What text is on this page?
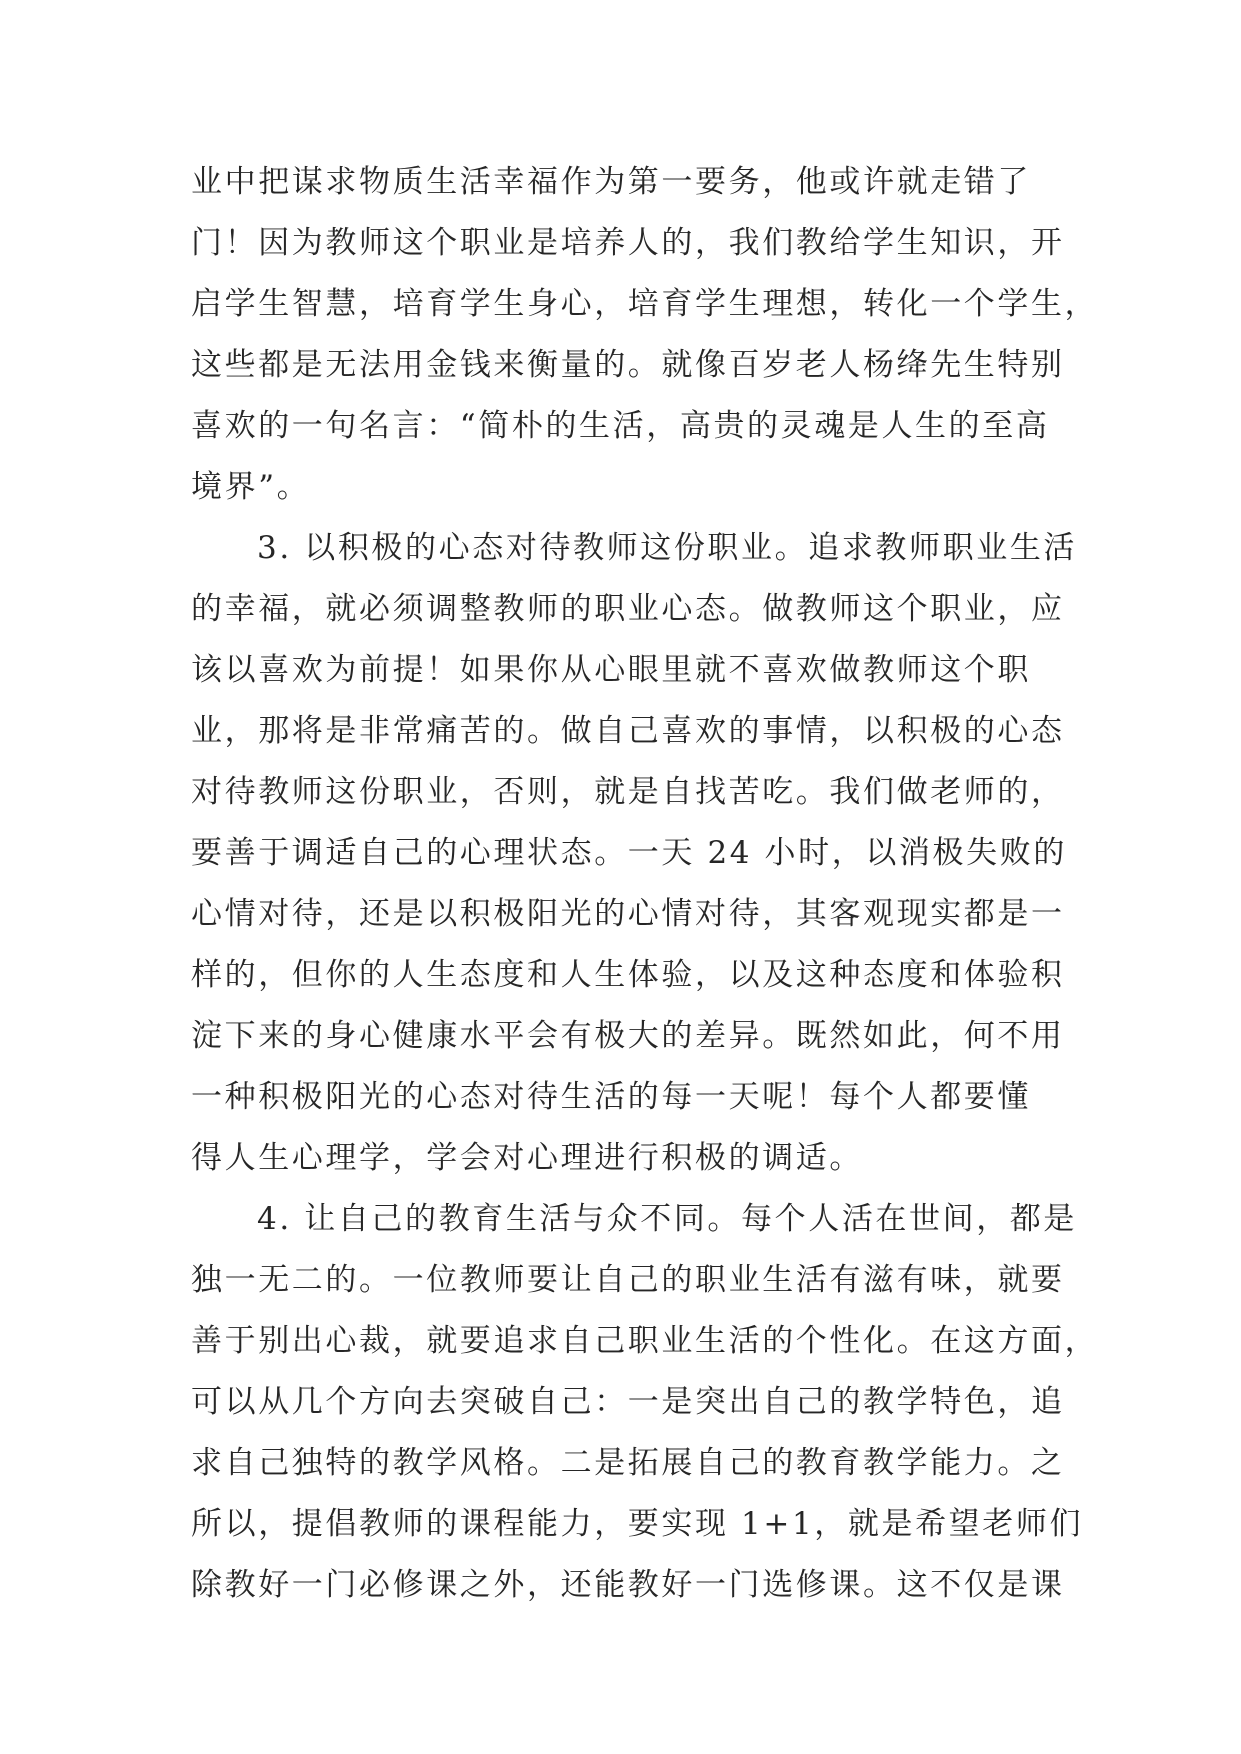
业中把谋求物质生活幸福作为第一要务，他或许就走错了
门！因为教师这个职业是培养人的，我们教给学生知识，开
启学生智慧，培育学生身心，培育学生理想，转化一个学生，
这些都是无法用金钱来衡量的。就像百岁老人杨绛先生特别
喜欢的一句名言：“简朴的生活，高贵的灵魂是人生的至高
境界”。
3. 以积极的心态对待教师这份职业。追求教师职业生活
的幸福，就必须调整教师的职业心态。做教师这个职业，应
该以喜欢为前提！如果你从心眼里就不喜欢做教师这个职
业，那将是非常痛苦的。做自己喜欢的事情，以积极的心态
对待教师这份职业，否则，就是自找苦吃。我们做老师的，
要善于调适自己的心理状态。一天 24 小时，以消极失败的
心情对待，还是以积极阳光的心情对待，其客观现实都是一
样的，但你的人生态度和人生体验，以及这种态度和体验积
淀下来的身心健康水平会有极大的差异。既然如此，何不用
一种积极阳光的心态对待生活的每一天呢！每个人都要懂
得人生心理学，学会对心理进行积极的调适。
4. 让自己的教育生活与众不同。每个人活在世间，都是
独一无二的。一位教师要让自己的职业生活有滋有味，就要
善于别出心裁，就要追求自己职业生活的个性化。在这方面，
可以从几个方向去突破自己：一是突出自己的教学特色，追
求自己独特的教学风格。二是拓展自己的教育教学能力。之
所以，提倡教师的课程能力，要实现 1+1，就是希望老师们
除教好一门必修课之外，还能教好一门选修课。这不仅是课
